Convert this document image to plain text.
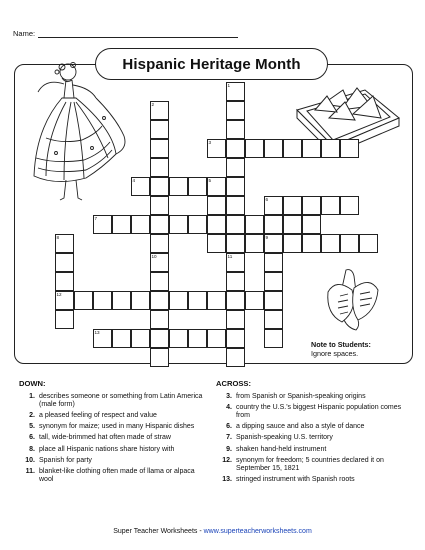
Name:
Hispanic Heritage Month
1
2
3
4	5
6
7
8	9
10	11
12
13
Note to Students:
Ignore spaces.
DOWN:
1. describes someone or something from Latin America (male form)
2. a pleased feeling of respect and value
5. synonym for maize; used in many Hispanic dishes
6. tall, wide-brimmed hat often made of straw
8. place all Hispanic nations share history with
10. Spanish for party
11. blanket-like clothing often made of llama or alpaca wool
ACROSS:
3. from Spanish or Spanish-speaking origins
4. country the U.S.'s biggest Hispanic population comes from
6. a dipping sauce and also a style of dance
7. Spanish-speaking U.S. territory
9. shaken hand-held instrument
12. synonym for freedom; 5 countries declared it on September 15, 1821
13. stringed instrument with Spanish roots
Super Teacher Worksheets - www.superteacherworksheets.com
